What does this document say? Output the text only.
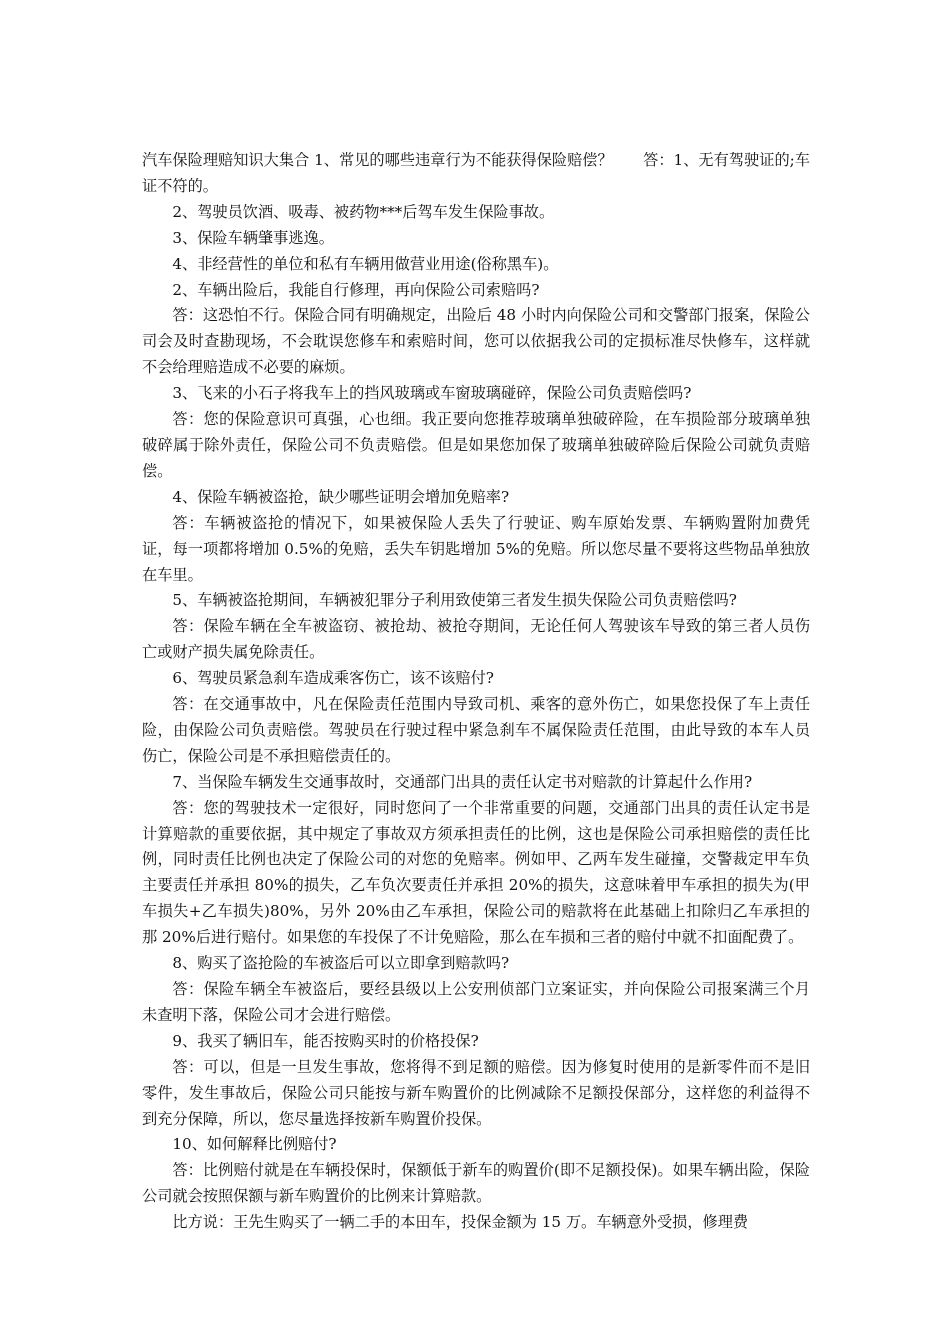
汽车保险理赔知识大集合 1、常见的哪些违章行为不能获得保险赔偿？　　答：1、无有驾驶证的;车证不符的。

2、驾驶员饮酒、吸毒、被药物***后驾车发生保险事故。

3、保险车辆肇事逃逸。

4、非经营性的单位和私有车辆用做营业用途(俗称黑车)。

2、车辆出险后，我能自行修理，再向保险公司索赔吗?

答：这恐怕不行。保险合同有明确规定，出险后 48 小时内向保险公司和交警部门报案，保险公司会及时查勘现场，不会耽误您修车和索赔时间，您可以依据我公司的定损标准尽快修车，这样就不会给理赔造成不必要的麻烦。

3、飞来的小石子将我车上的挡风玻璃或车窗玻璃碰碎，保险公司负责赔偿吗?

答：您的保险意识可真强，心也细。我正要向您推荐玻璃单独破碎险，在车损险部分玻璃单独破碎属于除外责任，保险公司不负责赔偿。但是如果您加保了玻璃单独破碎险后保险公司就负责赔偿。

4、保险车辆被盗抢，缺少哪些证明会增加免赔率?

答：车辆被盗抢的情况下，如果被保险人丢失了行驶证、购车原始发票、车辆购置附加费凭证，每一项都将增加 0.5%的免赔，丢失车钥匙增加 5%的免赔。所以您尽量不要将这些物品单独放在车里。

5、车辆被盗抢期间，车辆被犯罪分子利用致使第三者发生损失保险公司负责赔偿吗?

答：保险车辆在全车被盗窃、被抢劫、被抢夺期间，无论任何人驾驶该车导致的第三者人员伤亡或财产损失属免除责任。

6、驾驶员紧急刹车造成乘客伤亡，该不该赔付?

答：在交通事故中，凡在保险责任范围内导致司机、乘客的意外伤亡，如果您投保了车上责任险，由保险公司负责赔偿。驾驶员在行驶过程中紧急刹车不属保险责任范围，由此导致的本车人员伤亡，保险公司是不承担赔偿责任的。

7、当保险车辆发生交通事故时，交通部门出具的责任认定书对赔款的计算起什么作用?

答：您的驾驶技术一定很好，同时您问了一个非常重要的问题，交通部门出具的责任认定书是计算赔款的重要依据，其中规定了事故双方须承担责任的比例，这也是保险公司承担赔偿的责任比例，同时责任比例也决定了保险公司的对您的免赔率。例如甲、乙两车发生碰撞，交警裁定甲车负主要责任并承担 80%的损失，乙车负次要责任并承担 20%的损失，这意味着甲车承担的损失为(甲车损失+乙车损失)80%，另外 20%由乙车承担，保险公司的赔款将在此基础上扣除归乙车承担的那 20%后进行赔付。如果您的车投保了不计免赔险，那么在车损和三者的赔付中就不扣面配费了。

8、购买了盗抢险的车被盗后可以立即拿到赔款吗?

答：保险车辆全车被盗后，要经县级以上公安刑侦部门立案证实，并向保险公司报案满三个月未查明下落，保险公司才会进行赔偿。

9、我买了辆旧车，能否按购买时的价格投保?

答：可以，但是一旦发生事故，您将得不到足额的赔偿。因为修复时使用的是新零件而不是旧零件，发生事故后，保险公司只能按与新车购置价的比例减除不足额投保部分，这样您的利益得不到充分保障，所以，您尽量选择按新车购置价投保。

10、如何解释比例赔付?

答：比例赔付就是在车辆投保时，保额低于新车的购置价(即不足额投保)。如果车辆出险，保险公司就会按照保额与新车购置价的比例来计算赔款。

比方说：王先生购买了一辆二手的本田车，投保金额为 15 万。车辆意外受损，修理费
